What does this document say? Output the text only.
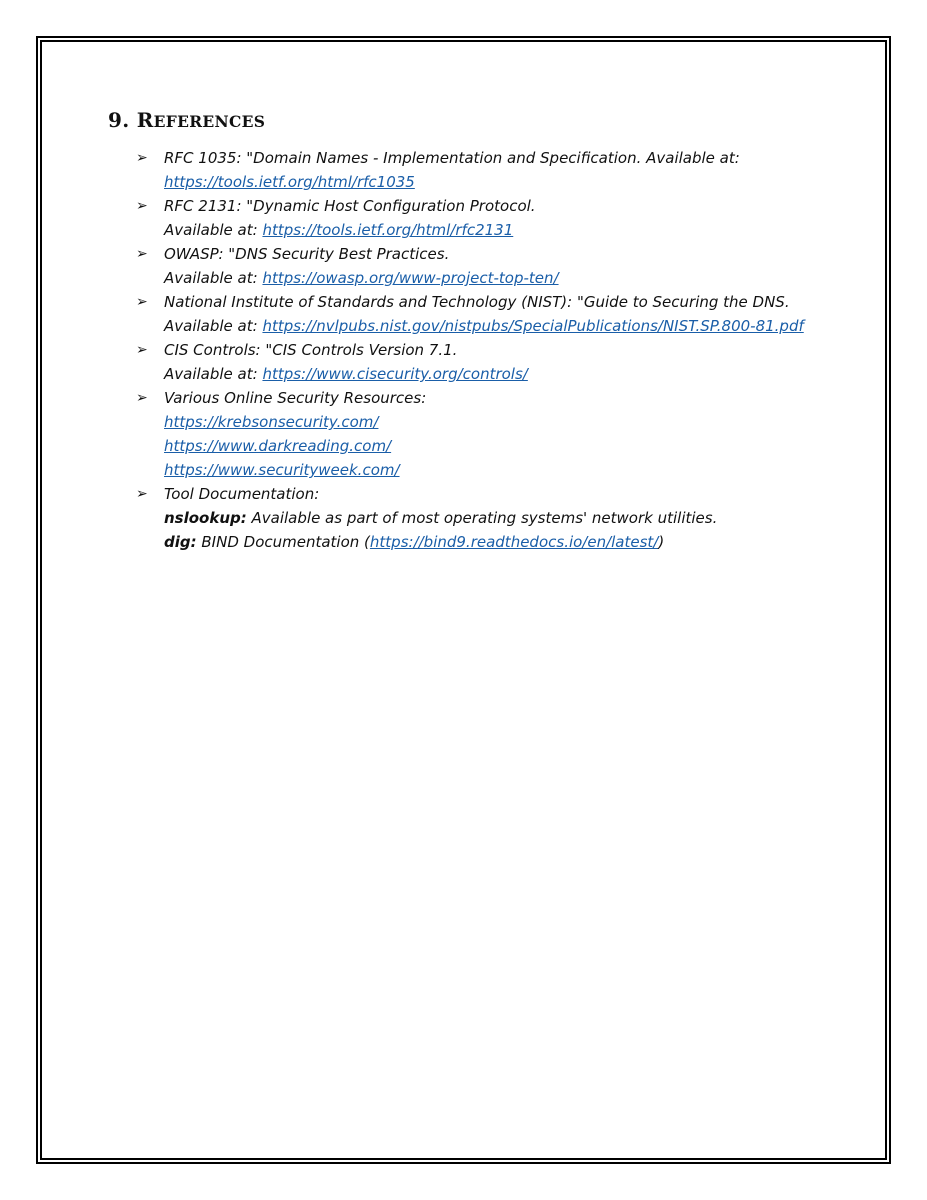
9. REFERENCES
➢ RFC 1035: "Domain Names - Implementation and Specification. Available at:
https://tools.ietf.org/html/rfc1035
➢ RFC 2131: "Dynamic Host Configuration Protocol.
Available at: https://tools.ietf.org/html/rfc2131
➢ OWASP: "DNS Security Best Practices.
Available at: https://owasp.org/www-project-top-ten/
➢ National Institute of Standards and Technology (NIST): "Guide to Securing the DNS.
Available at: https://nvlpubs.nist.gov/nistpubs/SpecialPublications/NIST.SP.800-81.pdf
➢ CIS Controls: "CIS Controls Version 7.1.
Available at: https://www.cisecurity.org/controls/
➢ Various Online Security Resources:
https://krebsonsecurity.com/
https://www.darkreading.com/
https://www.securityweek.com/
➢ Tool Documentation:
nslookup: Available as part of most operating systems' network utilities.
dig: BIND Documentation (https://bind9.readthedocs.io/en/latest/)
